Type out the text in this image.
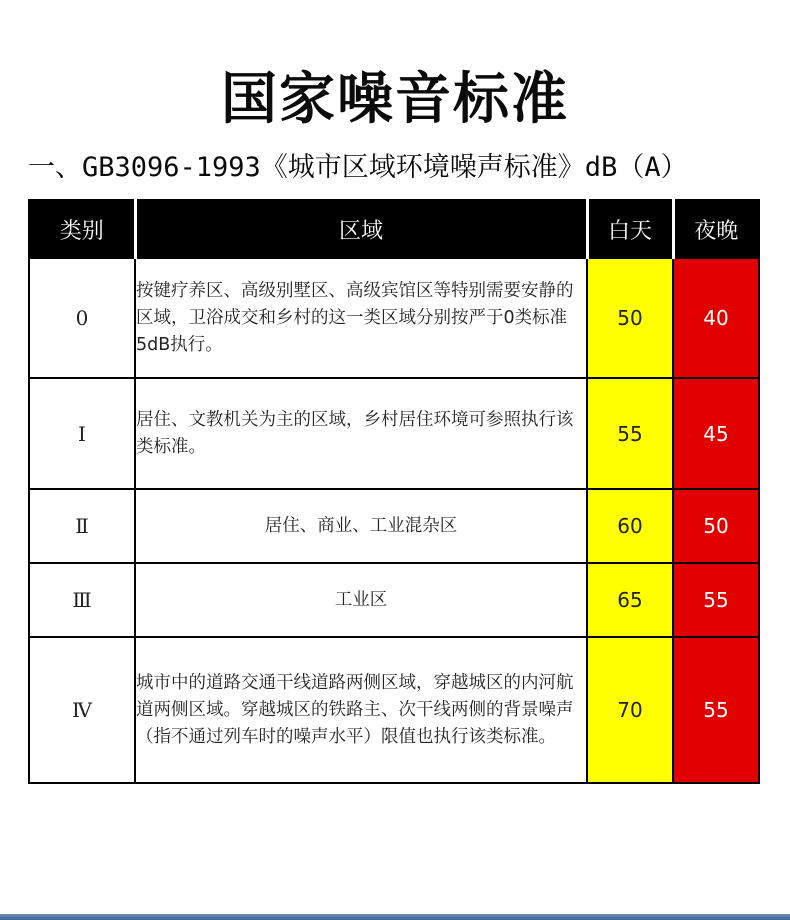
国家噪音标准
一、GB3096-1993《城市区域环境噪声标准》dB（A）
类别	区域	白天	夜晚
0	按键疗养区、高级别墅区、高级宾馆区等特别需要安静的区域，卫浴成交和乡村的这一类区域分别按严于0类标准5dB执行。	50	40
Ⅰ	居住、文教机关为主的区域，乡村居住环境可参照执行该类标准。	55	45
Ⅱ	居住、商业、工业混杂区	60	50
Ⅲ	工业区	65	55
Ⅳ	城市中的道路交通干线道路两侧区域，穿越城区的内河航道两侧区域。穿越城区的铁路主、次干线两侧的背景噪声（指不通过列车时的噪声水平）限值也执行该类标准。	70	55
